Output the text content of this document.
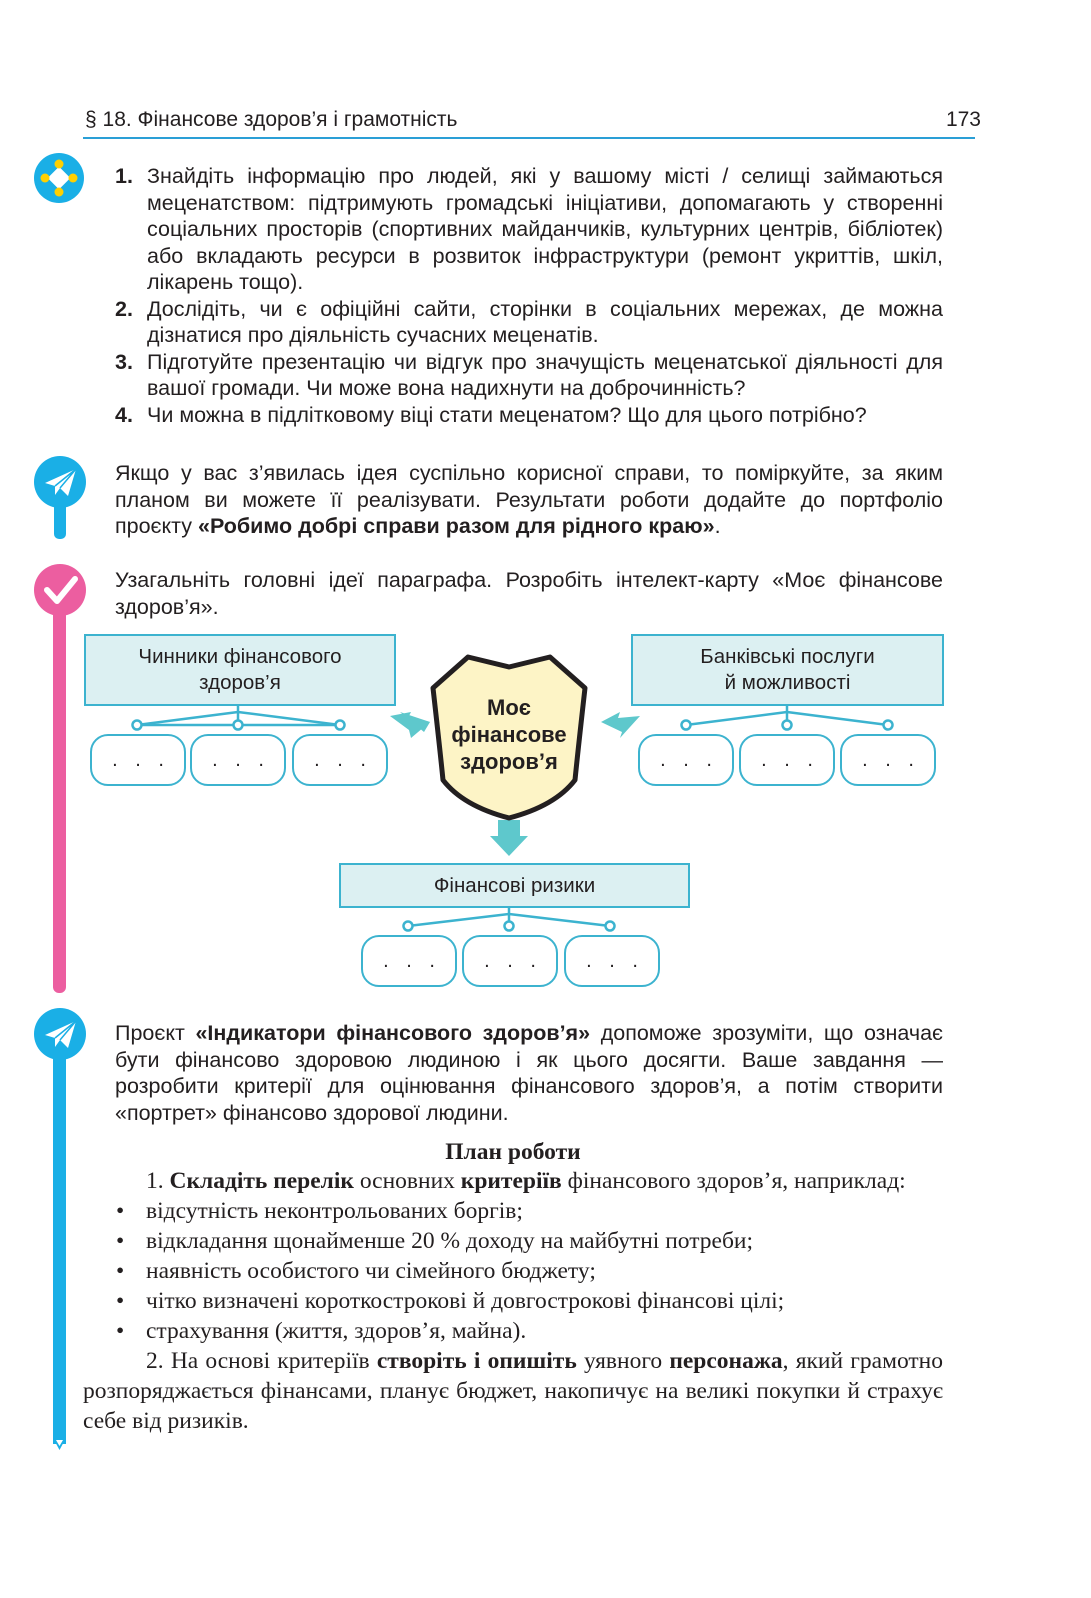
§ 18. Фінансове здоров’я і грамотність	173
1. Знайдіть інформацію про людей, які у вашому місті / селищі займаються меценатством: підтримують громадські ініціативи, допомагають у створенні соціальних просторів (спортивних майданчиків, культурних центрів, бібліотек) або вкладають ресурси в розвиток інфраструктури (ремонт укриттів, шкіл, лікарень тощо).
2. Дослідіть, чи є офіційні сайти, сторінки в соціальних мережах, де можна дізнатися про діяльність сучасних меценатів.
3. Підготуйте презентацію чи відгук про значущість меценатської діяльності для вашої громади. Чи може вона надихнути на доброчинність?
4. Чи можна в підлітковому віці стати меценатом? Що для цього потрібно?
Якщо у вас з’явилась ідея суспільно корисної справи, то поміркуйте, за яким планом ви можете її реалізувати. Результати роботи додайте до портфоліо проєкту «Робимо добрі справи разом для рідного краю».
Узагальніть головні ідеї параграфа. Розробіть інтелект-карту «Моє фінансове здоров’я».
Чинники фінансового
здоров’я
Банківські послуги
й можливості
Фінансові ризики
Моє
фінансове
здоров’я
. . .	. . .	. . .	. . .	. . .	. . .
. . .	. . .	. . .
Проєкт «Індикатори фінансового здоров’я» допоможе зрозуміти, що означає бути фінансово здоровою людиною і як цього досягти. Ваше завдання — розробити критерії для оцінювання фінансового здоров’я, а потім створити «портрет» фінансово здорової людини.
План роботи
1. Складіть перелік основних критеріїв фінансового здоров’я, наприклад:
• відсутність неконтрольованих боргів;
• відкладання щонайменше 20 % доходу на майбутні потреби;
• наявність особистого чи сімейного бюджету;
• чітко визначені короткострокові й довгострокові фінансові цілі;
• страхування (життя, здоров’я, майна).
2. На основі критеріїв створіть і опишіть уявного персонажа, який грамотно розпоряджається фінансами, планує бюджет, накопичує на великі покупки й страхує себе від ризиків.
